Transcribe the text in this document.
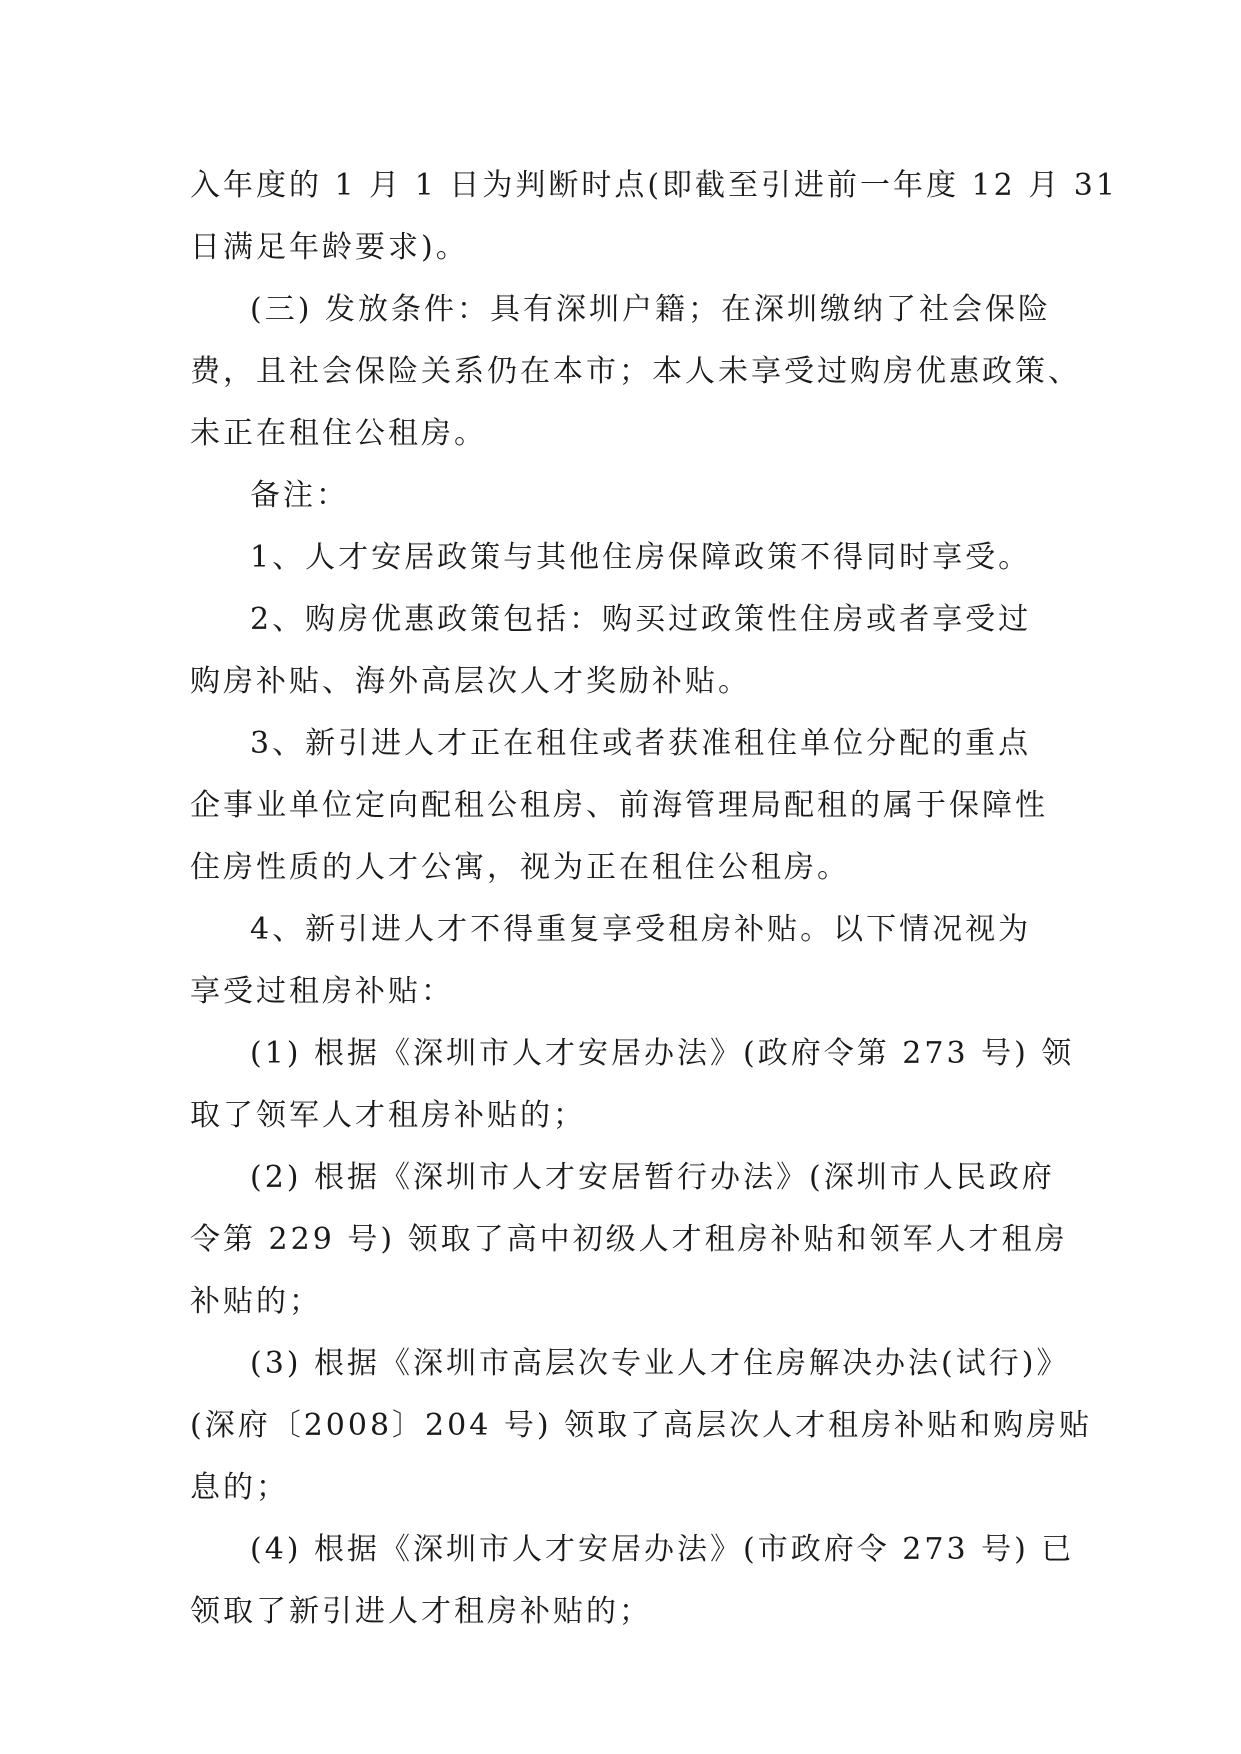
入年度的 1 月 1 日为判断时点(即截至引进前一年度 12 月 31
日满足年龄要求)。
(三) 发放条件：具有深圳户籍；在深圳缴纳了社会保险
费，且社会保险关系仍在本市；本人未享受过购房优惠政策、
未正在租住公租房。
备注：
1、人才安居政策与其他住房保障政策不得同时享受。
2、购房优惠政策包括：购买过政策性住房或者享受过
购房补贴、海外高层次人才奖励补贴。
3、新引进人才正在租住或者获准租住单位分配的重点
企事业单位定向配租公租房、前海管理局配租的属于保障性
住房性质的人才公寓，视为正在租住公租房。
4、新引进人才不得重复享受租房补贴。以下情况视为
享受过租房补贴：
(1) 根据《深圳市人才安居办法》(政府令第 273 号) 领
取了领军人才租房补贴的；
(2) 根据《深圳市人才安居暂行办法》(深圳市人民政府
令第 229 号) 领取了高中初级人才租房补贴和领军人才租房
补贴的；
(3) 根据《深圳市高层次专业人才住房解决办法(试行)》
(深府〔2008〕204 号) 领取了高层次人才租房补贴和购房贴
息的；
(4) 根据《深圳市人才安居办法》(市政府令 273 号) 已
领取了新引进人才租房补贴的；
